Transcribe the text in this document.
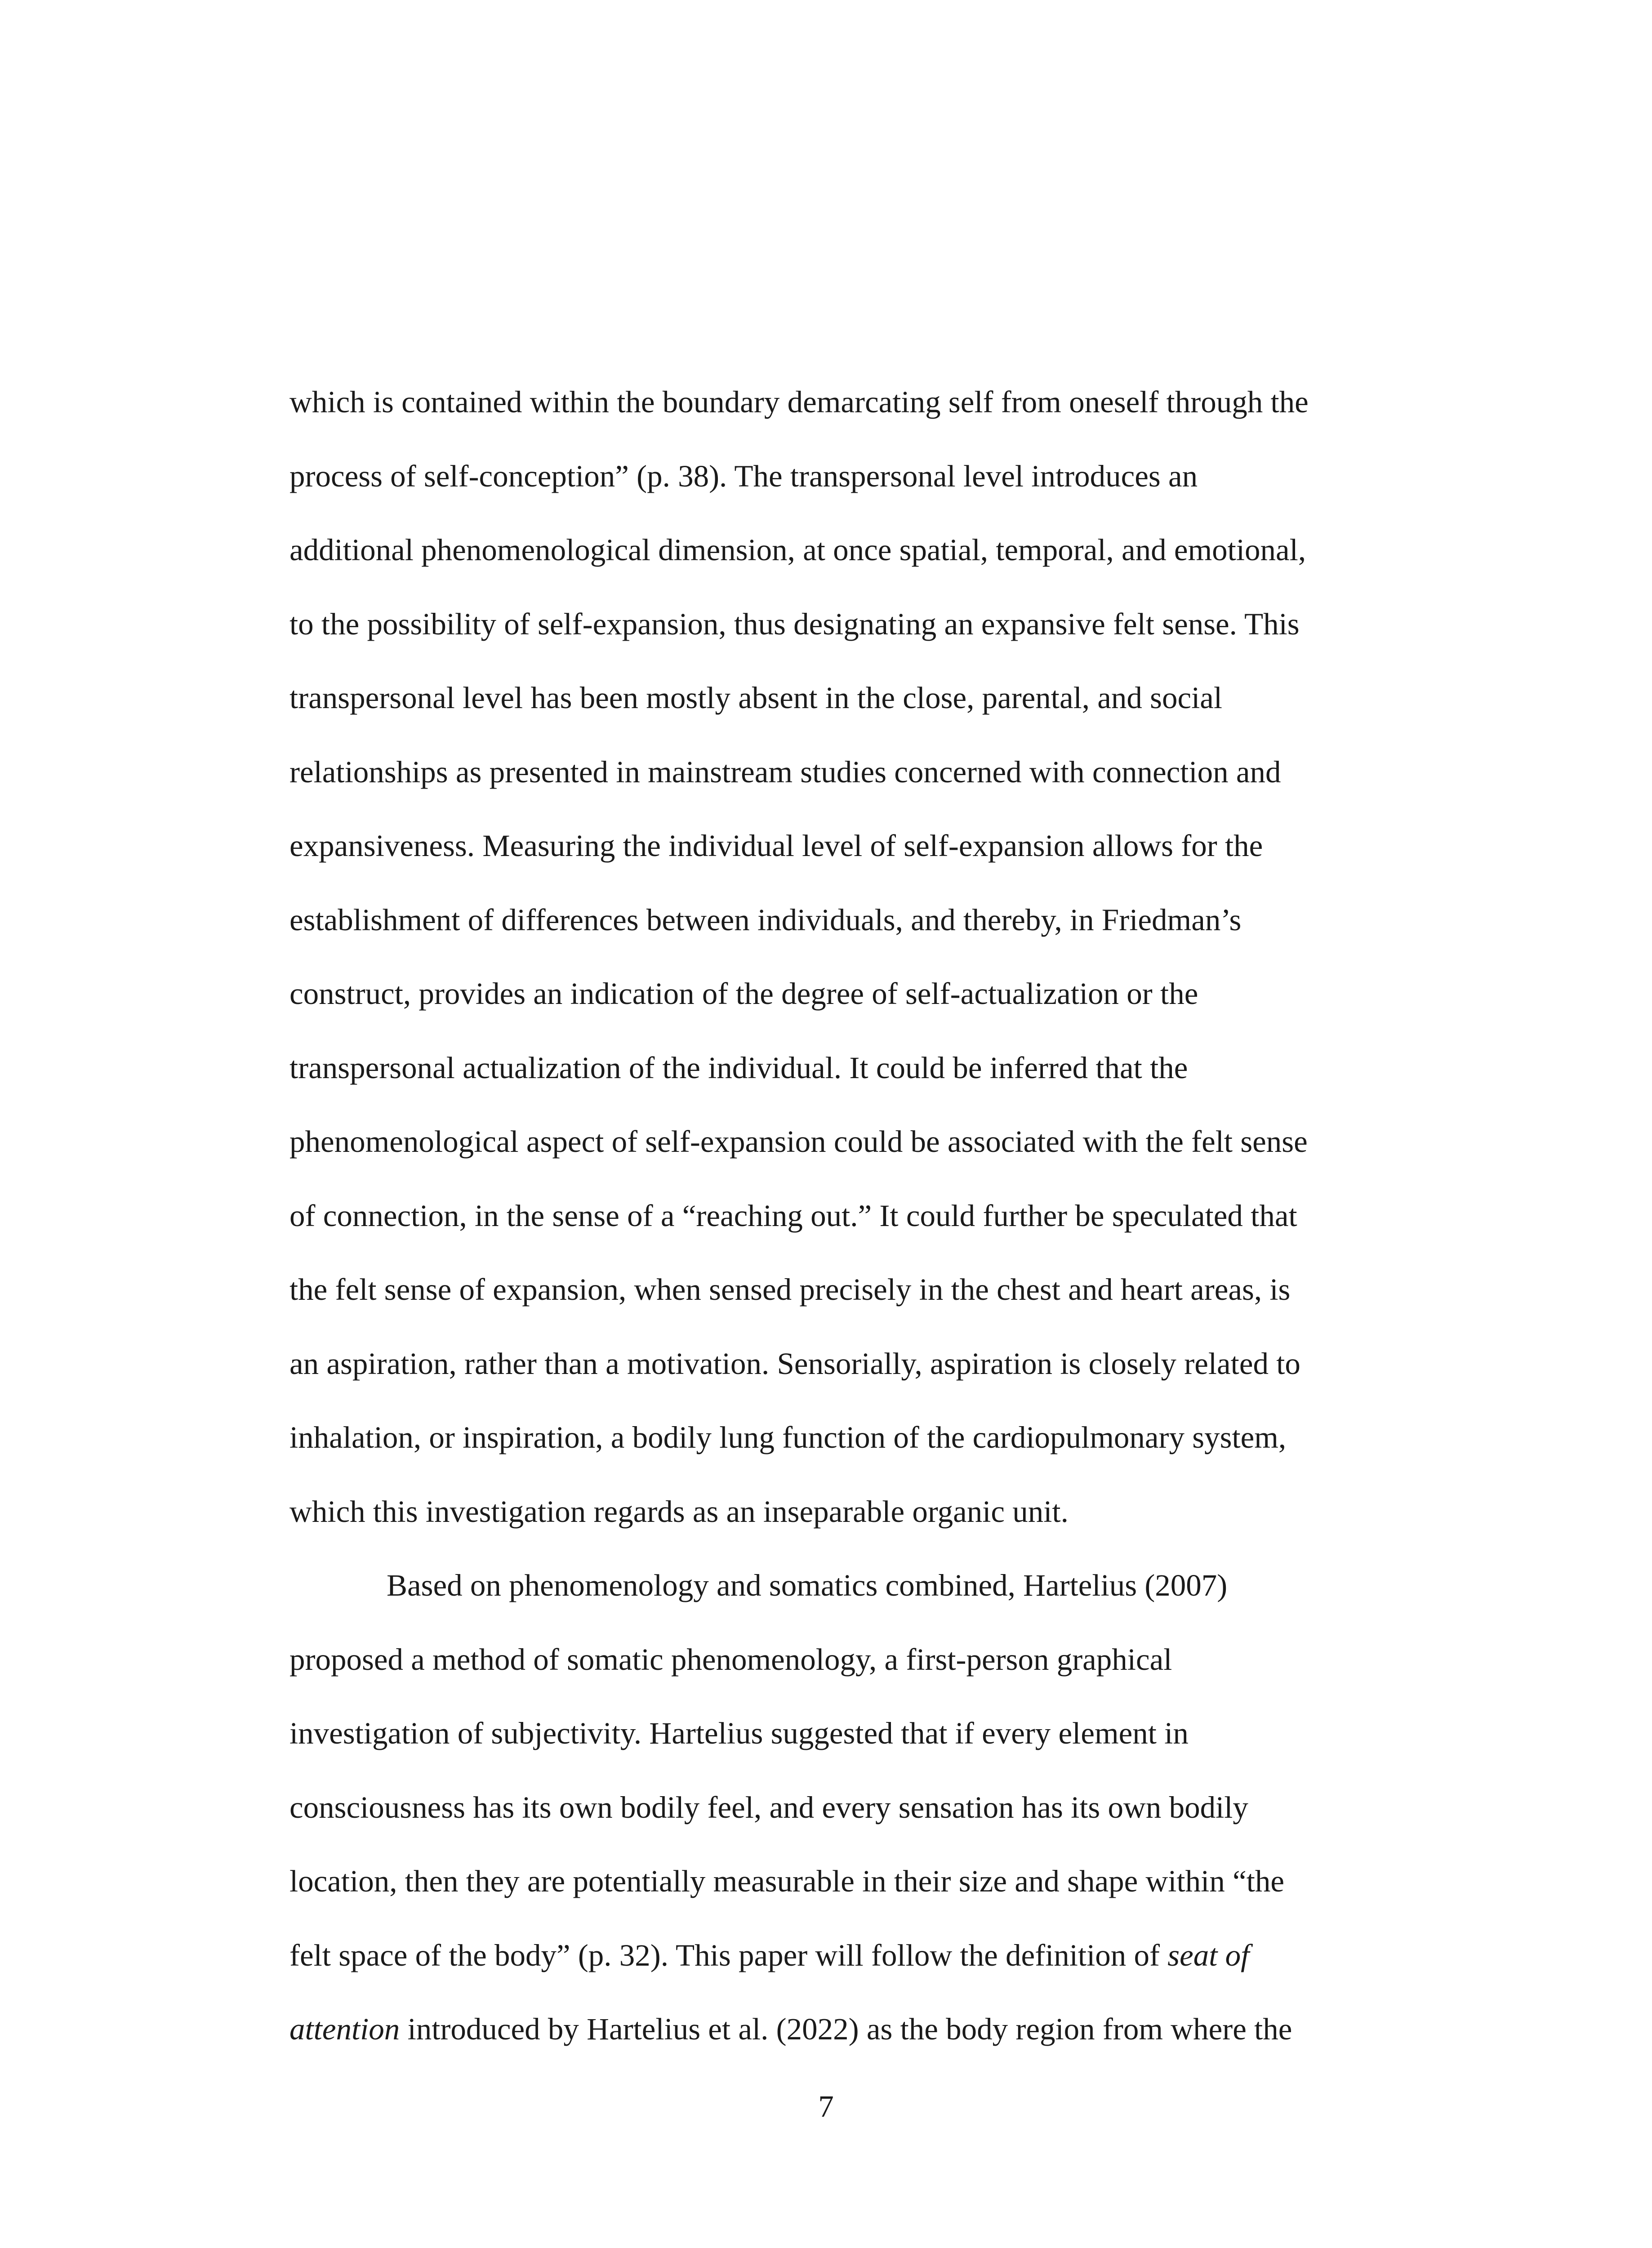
which is contained within the boundary demarcating self from oneself through the
process of self-conception” (p. 38). The transpersonal level introduces an
additional phenomenological dimension, at once spatial, temporal, and emotional,
to the possibility of self-expansion, thus designating an expansive felt sense. This
transpersonal level has been mostly absent in the close, parental, and social
relationships as presented in mainstream studies concerned with connection and
expansiveness. Measuring the individual level of self-expansion allows for the
establishment of differences between individuals, and thereby, in Friedman’s
construct, provides an indication of the degree of self-actualization or the
transpersonal actualization of the individual. It could be inferred that the
phenomenological aspect of self-expansion could be associated with the felt sense
of connection, in the sense of a “reaching out.” It could further be speculated that
the felt sense of expansion, when sensed precisely in the chest and heart areas, is
an aspiration, rather than a motivation. Sensorially, aspiration is closely related to
inhalation, or inspiration, a bodily lung function of the cardiopulmonary system,
which this investigation regards as an inseparable organic unit.
Based on phenomenology and somatics combined, Hartelius (2007)
proposed a method of somatic phenomenology, a first-person graphical
investigation of subjectivity. Hartelius suggested that if every element in
consciousness has its own bodily feel, and every sensation has its own bodily
location, then they are potentially measurable in their size and shape within “the
felt space of the body” (p. 32). This paper will follow the definition of seat of
attention introduced by Hartelius et al. (2022) as the body region from where the
7
